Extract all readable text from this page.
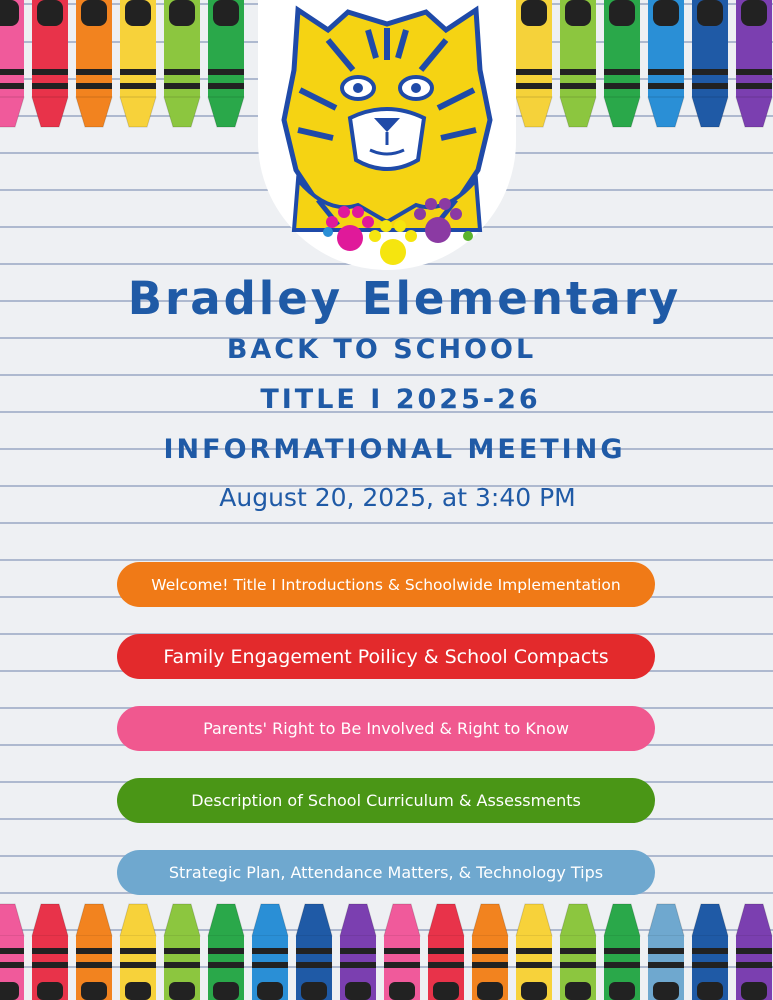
Bradley Elementary
BACK TO SCHOOL
TITLE I 2025-26
INFORMATIONAL MEETING
August 20, 2025, at 3:40 PM
Welcome! Title I Introductions & Schoolwide Implementation
Family Engagement Poilicy & School Compacts
Parents' Right to Be Involved & Right to Know
Description of School Curriculum & Assessments
Strategic Plan, Attendance Matters, & Technology Tips
